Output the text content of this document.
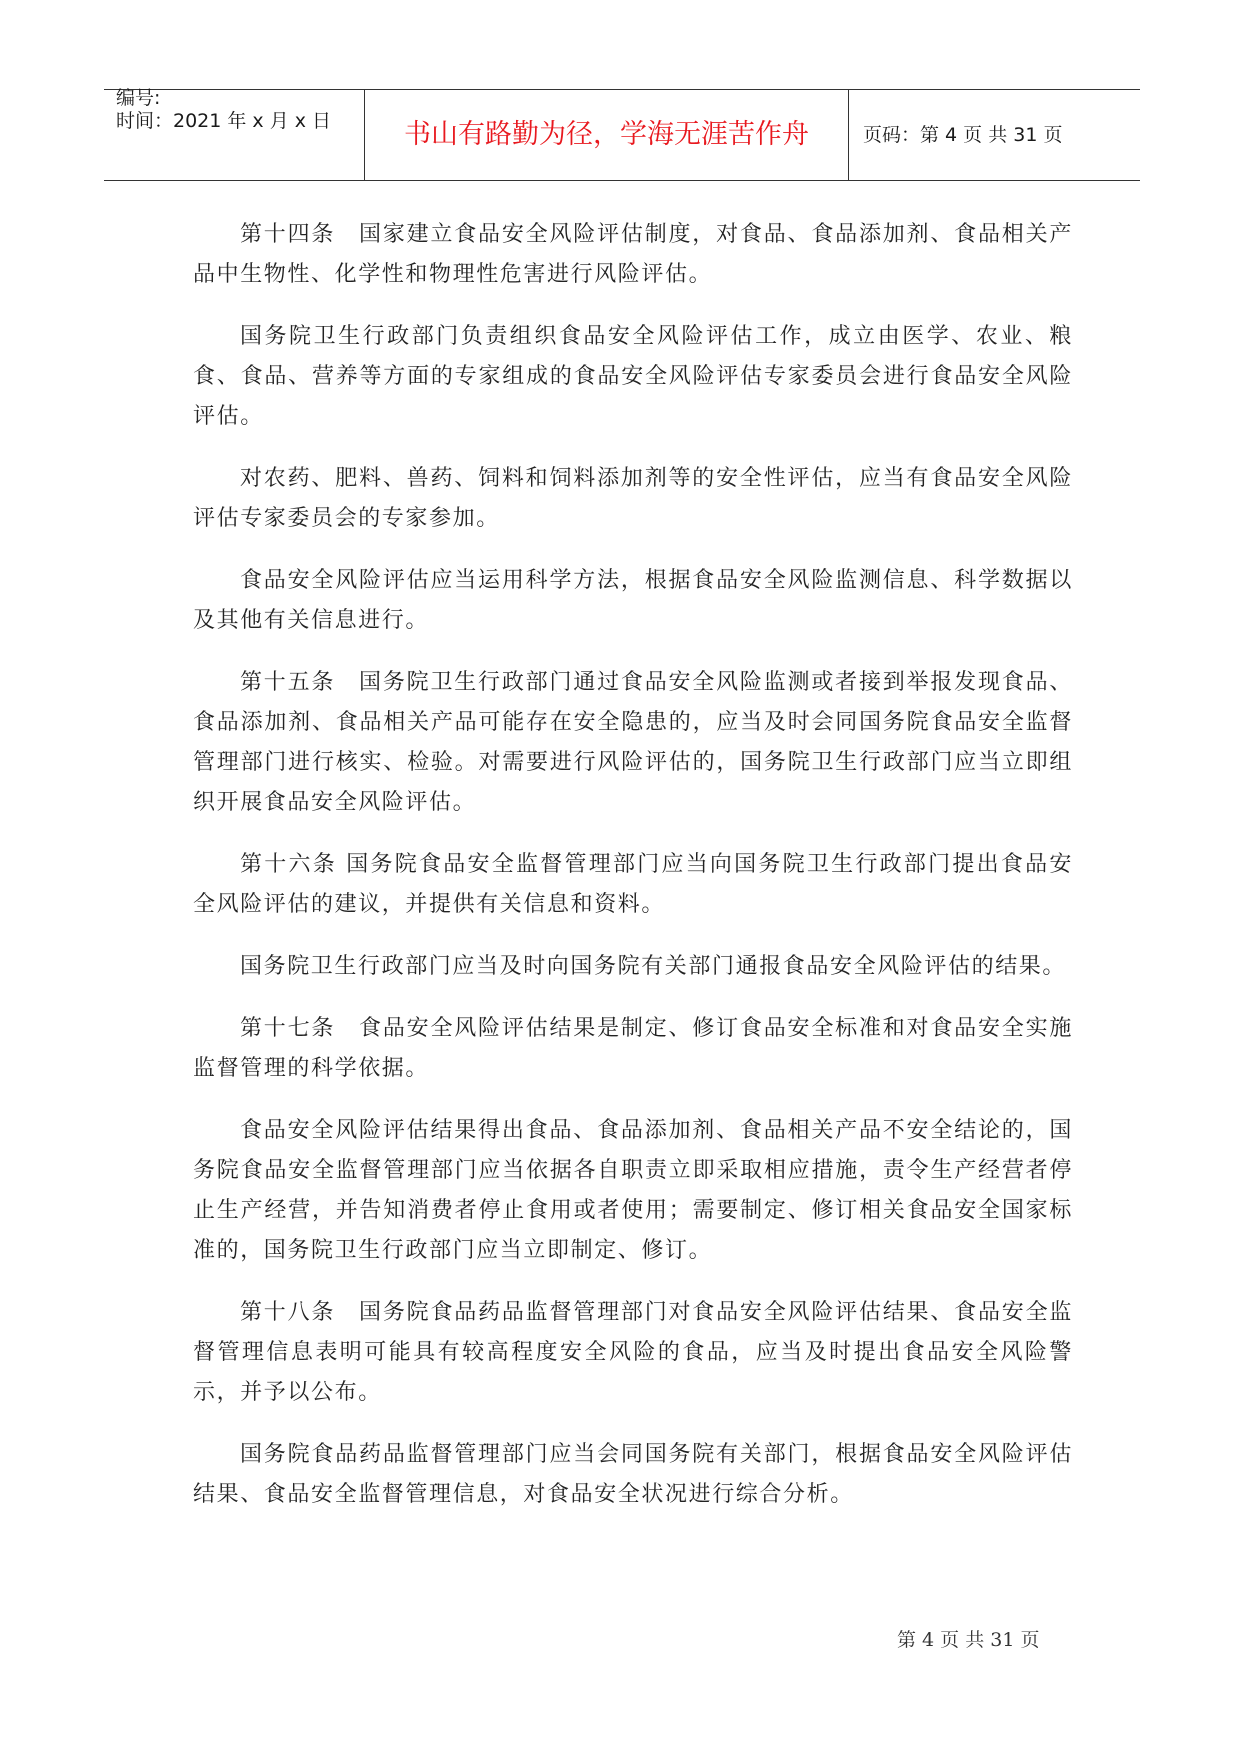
编号:
时间：2021 年 x 月 x 日	书山有路勤为径，学海无涯苦作舟	页码：第 4 页 共 31 页

第十四条　国家建立食品安全风险评估制度，对食品、食品添加剂、食品相关产品中生物性、化学性和物理性危害进行风险评估。

国务院卫生行政部门负责组织食品安全风险评估工作，成立由医学、农业、粮食、食品、营养等方面的专家组成的食品安全风险评估专家委员会进行食品安全风险评估。

对农药、肥料、兽药、饲料和饲料添加剂等的安全性评估，应当有食品安全风险评估专家委员会的专家参加。

食品安全风险评估应当运用科学方法，根据食品安全风险监测信息、科学数据以及其他有关信息进行。

第十五条　国务院卫生行政部门通过食品安全风险监测或者接到举报发现食品、食品添加剂、食品相关产品可能存在安全隐患的，应当及时会同国务院食品安全监督管理部门进行核实、检验。对需要进行风险评估的，国务院卫生行政部门应当立即组织开展食品安全风险评估。

第十六条 国务院食品安全监督管理部门应当向国务院卫生行政部门提出食品安全风险评估的建议，并提供有关信息和资料。

国务院卫生行政部门应当及时向国务院有关部门通报食品安全风险评估的结果。

第十七条　食品安全风险评估结果是制定、修订食品安全标准和对食品安全实施监督管理的科学依据。

食品安全风险评估结果得出食品、食品添加剂、食品相关产品不安全结论的，国务院食品安全监督管理部门应当依据各自职责立即采取相应措施，责令生产经营者停止生产经营，并告知消费者停止食用或者使用；需要制定、修订相关食品安全国家标准的，国务院卫生行政部门应当立即制定、修订。

第十八条　国务院食品药品监督管理部门对食品安全风险评估结果、食品安全监督管理信息表明可能具有较高程度安全风险的食品，应当及时提出食品安全风险警示，并予以公布。

国务院食品药品监督管理部门应当会同国务院有关部门，根据食品安全风险评估结果、食品安全监督管理信息，对食品安全状况进行综合分析。

第 4 页 共 31 页
